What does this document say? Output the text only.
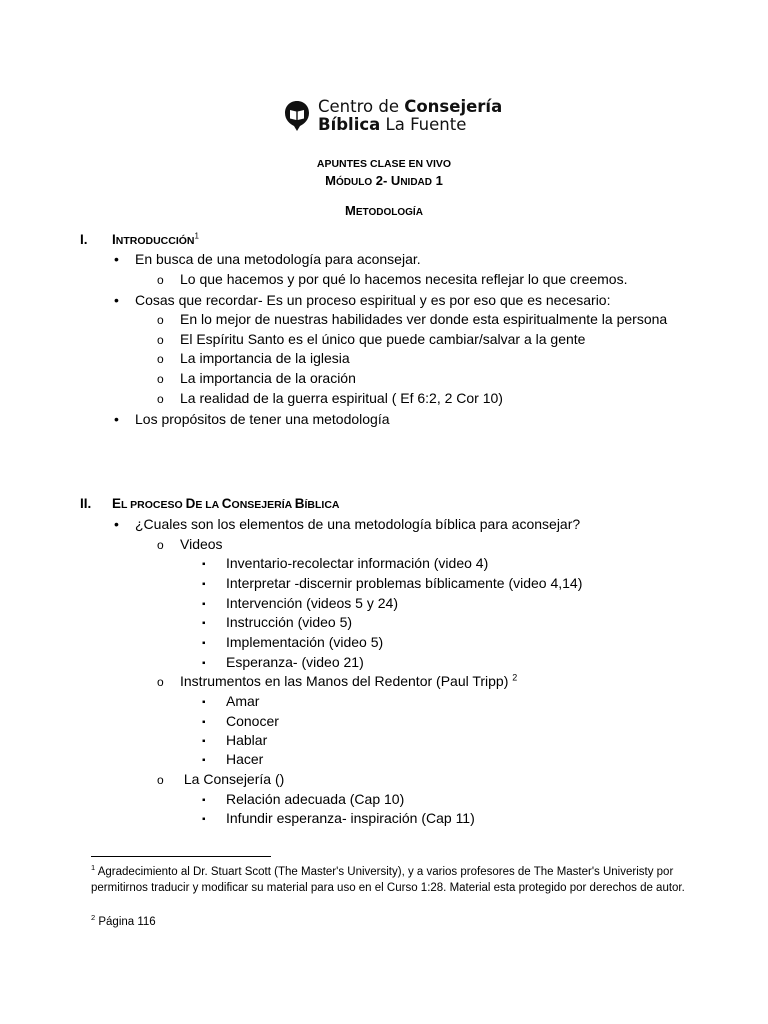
Centro de Consejería
Bíblica La Fuente
APUNTES CLASE EN VIVO
MÓDULO 2- UNIDAD 1
METODOLOGÍA
I.	INTRODUCCIÓN$^1$
• En busca de una metodología para aconsejar.
o Lo que hacemos y por qué lo hacemos necesita reflejar lo que creemos.
• Cosas que recordar- Es un proceso espiritual y es por eso que es necesario:
o En lo mejor de nuestras habilidades ver donde esta espiritualmente la persona
o El Espíritu Santo es el único que puede cambiar/salvar a la gente
o La importancia de la iglesia
o La importancia de la oración
o La realidad de la guerra espiritual ( Ef 6:2, 2 Cor 10)
• Los propósitos de tener una metodología
II.	EL PROCESO DE LA CONSEJERÍA BÍBLICA
• ¿Cuales son los elementos de una metodología bíblica para aconsejar?
o Videos
▪ Inventario-recolectar información (video 4)
▪ Interpretar -discernir problemas bíblicamente (video 4,14)
▪ Intervención (videos 5 y 24)
▪ Instrucción (video 5)
▪ Implementación (video 5)
▪ Esperanza- (video 21)
o Instrumentos en las Manos del Redentor (Paul Tripp) $^2$
▪ Amar
▪ Conocer
▪ Hablar
▪ Hacer
o La Consejería ()
▪ Relación adecuada (Cap 10)
▪ Infundir esperanza- inspiración (Cap 11)
$^1$ Agradecimiento al Dr. Stuart Scott (The Master's University), y a varios profesores de The Master's Univeristy por permitirnos traducir y modificar su material para uso en el Curso 1:28. Material esta protegido por derechos de autor.
$^2$ Página 116
